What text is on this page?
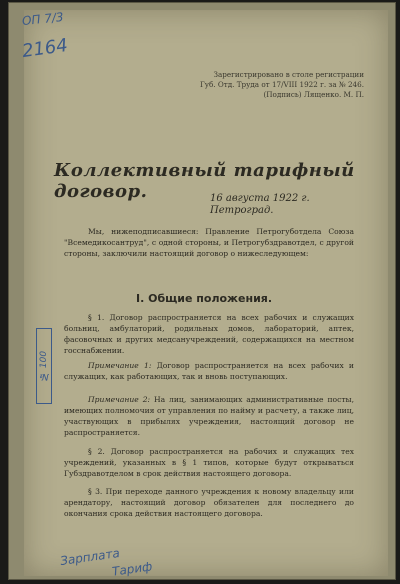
ОП 7/3
2164
Зарегистрировано в столе регистрации
Губ. Отд. Труда от 17/VIII 1922 г. за № 246.
(Подпись) Лященко. М. П.
Коллективный тарифный договор.	16 августа 1922 г.
Петроград.
Мы, нижеподписавшиеся: Правление Петрогуботдела Союза "Всемедикосантруд", с одной стороны, и Петрогубздравотдел, с другой стороны, заключили настоящий договор о нижеследующем:
I. Общие положения.
№ 100
§ 1. Договор распространяется на всех рабочих и служащих больниц, амбулаторий, родильных домов, лабораторий, аптек, фасовочных и других медсанучреждений, содержащихся на местном госснабжении.
Примечание 1: Договор распространяется на всех рабочих и служащих, как работающих, так и вновь поступающих.
Примечание 2: На лиц, занимающих административные посты, имеющих полномочия от управления по найму и расчету, а также лиц, участвующих в прибылях учреждения, настоящий договор не распространяется.
§ 2. Договор распространяется на рабочих и служащих тех учреждений, указанных в § 1 типов, которые будут открываться Губздравотделом в срок действия настоящего договора.
§ 3. При переходе данного учреждения к новому владельцу или арендатору, настоящий договор обязателен для последнего до окончания срока действия настоящего договора.
Зарплата
Тариф
